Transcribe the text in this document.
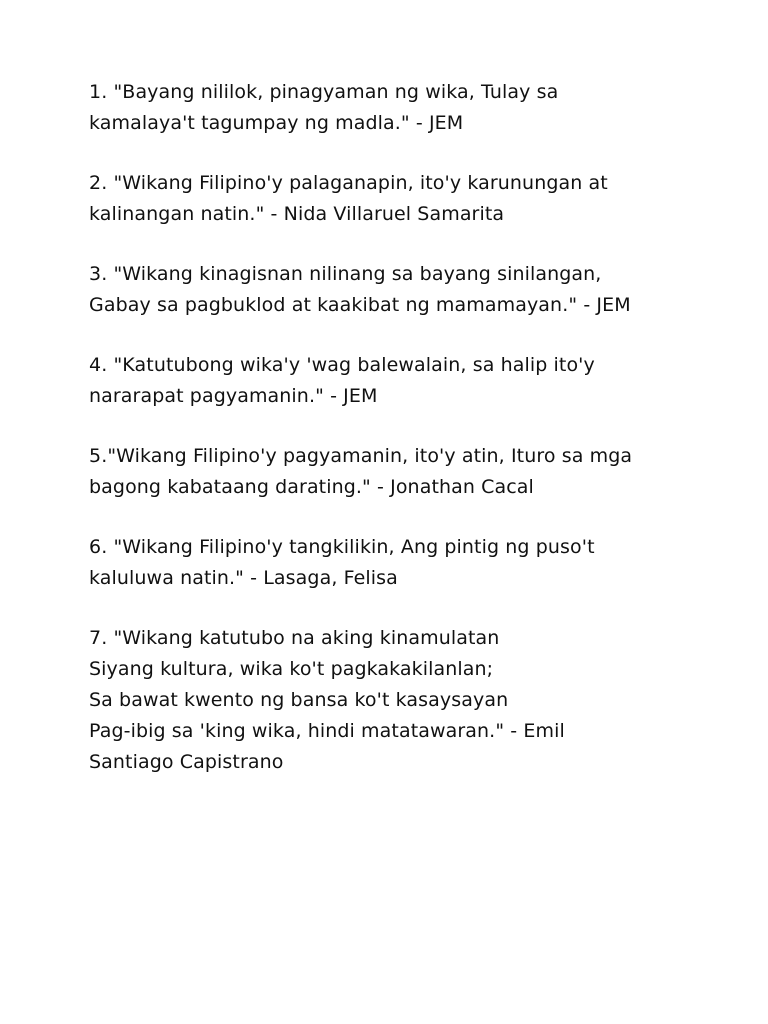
1. "Bayang nililok, pinagyaman ng wika, Tulay sa
kamalaya't tagumpay ng madla." - JEM
2. "Wikang Filipino'y palaganapin, ito'y karunungan at
kalinangan natin." - Nida Villaruel Samarita
3. "Wikang kinagisnan nilinang sa bayang sinilangan,
Gabay sa pagbuklod at kaakibat ng mamamayan." - JEM
4. "Katutubong wika'y 'wag balewalain, sa halip ito'y
nararapat pagyamanin." - JEM
5."Wikang Filipino'y pagyamanin, ito'y atin, Ituro sa mga
bagong kabataang darating." - Jonathan Cacal
6. "Wikang Filipino'y tangkilikin, Ang pintig ng puso't
kaluluwa natin." - Lasaga, Felisa
7. "Wikang katutubo na aking kinamulatan
Siyang kultura, wika ko't pagkakakilanlan;
Sa bawat kwento ng bansa ko't kasaysayan
Pag-ibig sa 'king wika, hindi matatawaran." - Emil
Santiago Capistrano
